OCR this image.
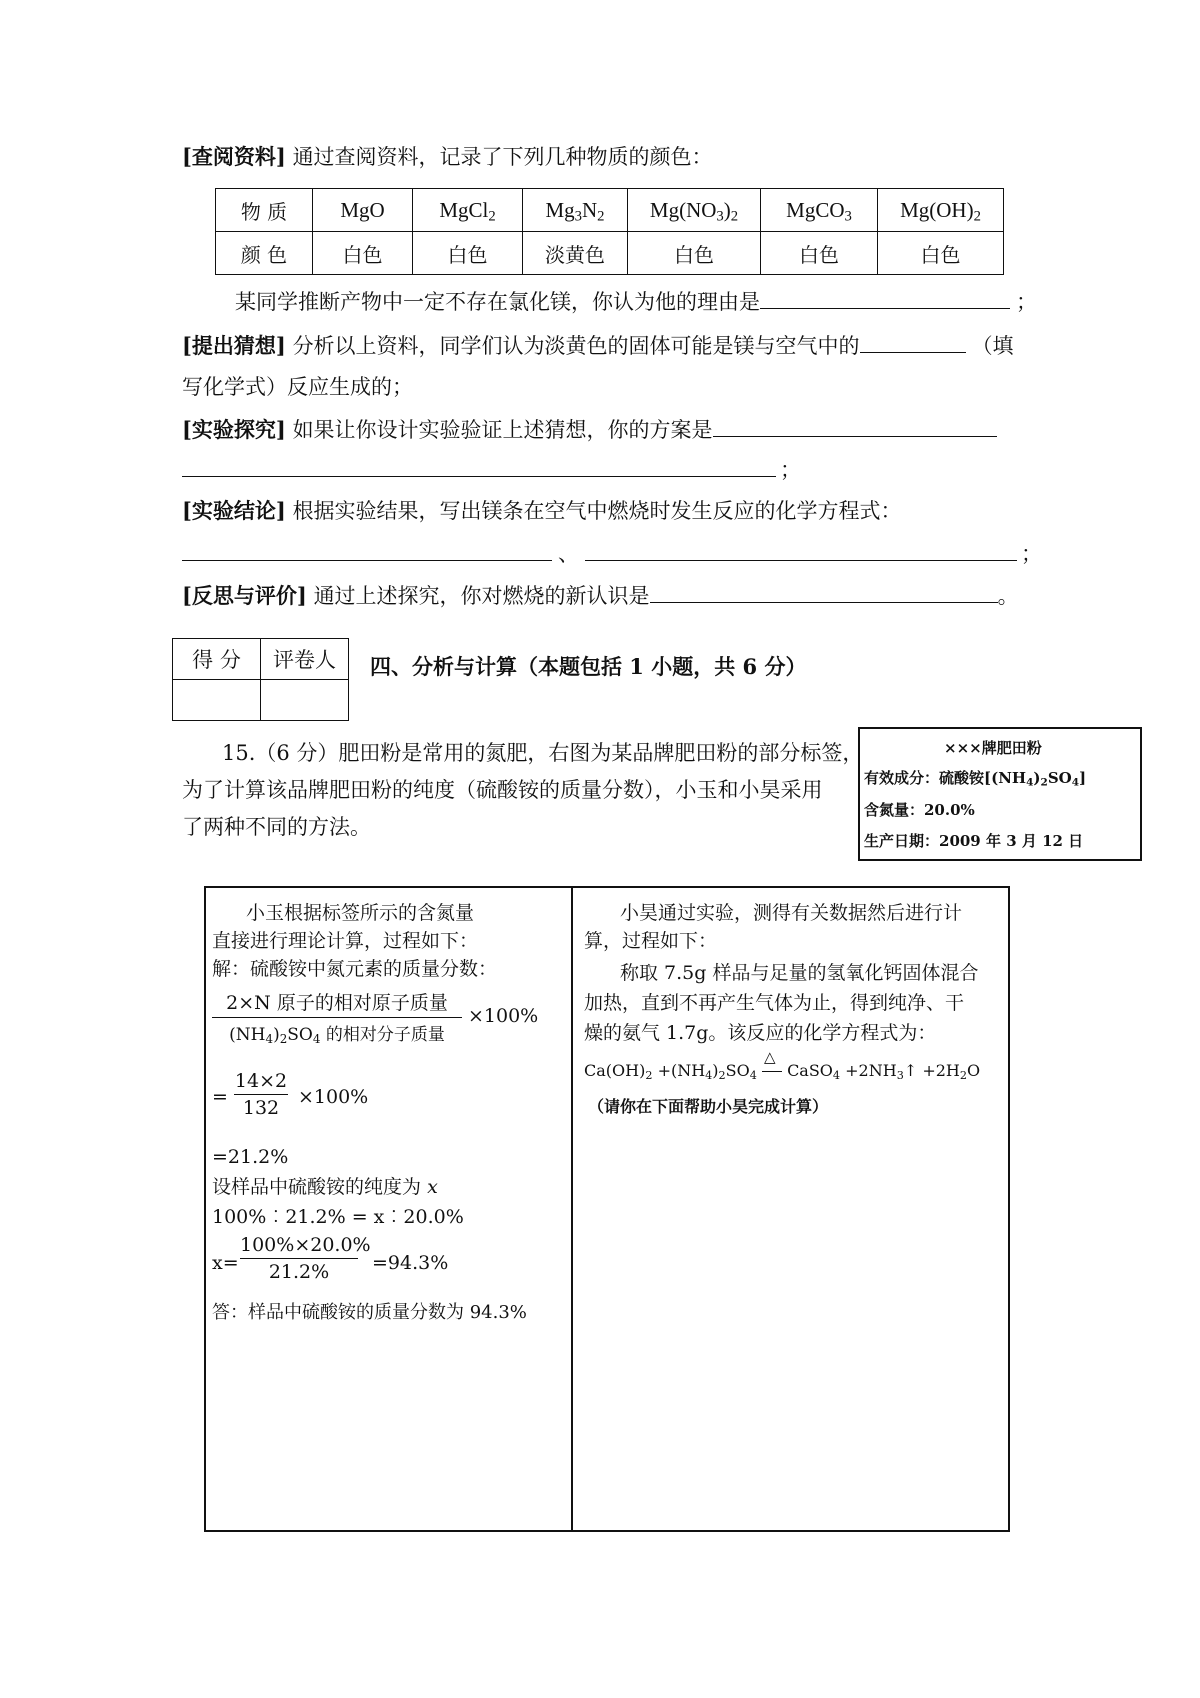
[查阅资料] 通过查阅资料，记录了下列几种物质的颜色：
物 质	MgO	MgCl$_2$	$Mg_3N_2$	$Mg(NO_3)_2$	MgCO$_3$	$Mg(OH)_2$
颜 色	白色	白色	淡黄色	白色	白色	白色
某同学推断产物中一定不存在氯化镁，你认为他的理由是	；
[提出猜想] 分析以上资料，同学们认为淡黄色的固体可能是镁与空气中的	（填
写化学式）反应生成的；
[实验探究] 如果让你设计实验验证上述猜想，你的方案是
；
[实验结论] 根据实验结果，写出镁条在空气中燃烧时发生反应的化学方程式：
、	；
[反思与评价] 通过上述探究，你对燃烧的新认识是	。
得 分	评卷人
	四、分析与计算（本题包括 1 小题，共 6 分）
15.（6 分）肥田粉是常用的氮肥，右图为某品牌肥田粉的部分标签，
为了计算该品牌肥田粉的纯度（硫酸铵的质量分数），小玉和小昊采用
了两种不同的方法。
×××牌肥田粉
有效成分：硫酸铵$[(NH_4)_2SO_4]$
含氮量：20.0%
生产日期：2009 年 3 月 12 日
小玉根据标签所示的含氮量
直接进行理论计算，过程如下：
解：硫酸铵中氮元素的质量分数：
2×N 原子的相对原子质量
$(NH_4)_2SO_4$ 的相对分子质量
×100%
=
14×2
132 ×100%
=21.2%
设样品中硫酸铵的纯度为 x
100%︰21.2% = x︰20.0%
x=
100%×20.0%
21.2%	=94.3%
答：样品中硫酸铵的质量分数为 94.3%
小昊通过实验，测得有关数据然后进行计
算，过程如下：
称取 7.5g 样品与足量的氢氧化钙固体混合
加热，直到不再产生气体为止，得到纯净、干
燥的氨气 1.7g。该反应的化学方程式为：
$Ca(OH)_2 +(NH_4)_2SO_4$
△
CaSO$_4$ $+2NH_3↑ +2H_2O$
（请你在下面帮助小昊完成计算）
